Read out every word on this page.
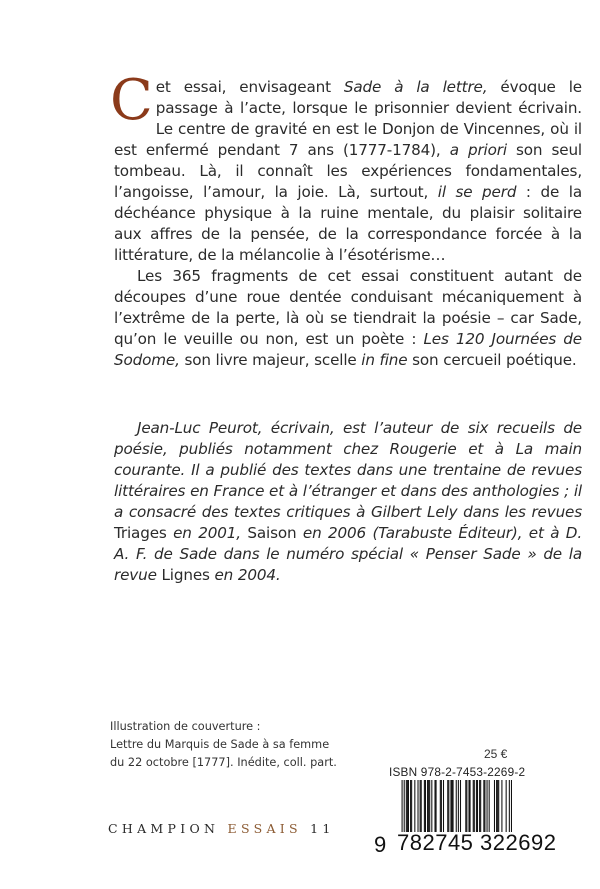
Cet essai, envisageant Sade à la lettre, évoque le passage à l’acte, lorsque le prisonnier devient écrivain. Le centre de gravité en est le Donjon de Vincennes, où il est enfermé pendant 7 ans (1777-1784), a priori son seul tombeau. Là, il connaît les expériences fondamentales, l’angoisse, l’amour, la joie. Là, surtout, il se perd : de la déchéance physique à la ruine mentale, du plaisir solitaire aux affres de la pensée, de la correspondance forcée à la littérature, de la mélancolie à l’ésotérisme…

Les 365 fragments de cet essai constituent autant de découpes d’une roue dentée conduisant mécaniquement à l’extrême de la perte, là où se tiendrait la poésie – car Sade, qu’on le veuille ou non, est un poète : Les 120 Journées de Sodome, son livre majeur, scelle in fine son cercueil poétique.

Jean-Luc Peurot, écrivain, est l’auteur de six recueils de poésie, publiés notamment chez Rougerie et à La main courante. Il a publié des textes dans une trentaine de revues littéraires en France et à l’étranger et dans des anthologies ; il a consacré des textes critiques à Gilbert Lely dans les revues Triages en 2001, Saison en 2006 (Tarabuste Éditeur), et à D. A. F. de Sade dans le numéro spécial « Penser Sade » de la revue Lignes en 2004.

Illustration de couverture :
Lettre du Marquis de Sade à sa femme
du 22 octobre [1777]. Inédite, coll. part.
25 €
ISBN 978-2-7453-2269-2
9 782745 322692
CHAMPION ESSAIS 11
